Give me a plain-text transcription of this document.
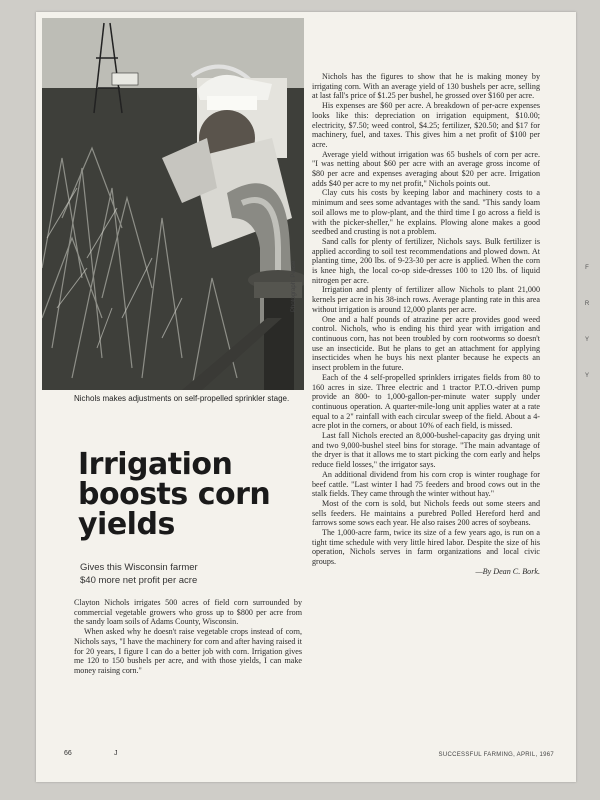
Photograph: Pease
Nichols makes adjustments on self-propelled sprinkler stage.
Irrigation
boosts corn
yields
Gives this Wisconsin farmer
$40 more net profit per acre

Clayton Nichols irrigates 500 acres of field corn surrounded by commercial vegetable growers who gross up to $800 per acre from the sandy loam soils of Adams County, Wisconsin.

When asked why he doesn't raise vegetable crops instead of corn, Nichols says, "I have the machinery for corn and after having raised it for 20 years, I figure I can do a better job with corn. Irrigation gives me 120 to 150 bushels per acre, and with those yields, I can make money raising corn."

Nichols has the figures to show that he is making money by irrigating corn. With an average yield of 130 bushels per acre, selling at last fall's price of $1.25 per bushel, he grossed over $160 per acre.

His expenses are $60 per acre. A breakdown of per-acre expenses looks like this: depreciation on irrigation equipment, $10.00; electricity, $7.50; weed control, $4.25; fertilizer, $20.50; and $17 for machinery, fuel, and taxes. This gives him a net profit of $100 per acre.

Average yield without irrigation was 65 bushels of corn per acre. "I was netting about $60 per acre with an average gross income of $80 per acre and expenses averaging about $20 per acre. Irrigation adds $40 per acre to my net profit," Nichols points out.

Clay cuts his costs by keeping labor and machinery costs to a minimum and sees some advantages with the sand. "This sandy loam soil allows me to plow-plant, and the third time I go across a field is with the picker-sheller," he explains. Plowing alone makes a good seedbed and crusting is not a problem.

Sand calls for plenty of fertilizer, Nichols says. Bulk fertilizer is applied according to soil test recommendations and plowed down. At planting time, 200 lbs. of 9-23-30 per acre is applied. When the corn is knee high, the local co-op side-dresses 100 to 120 lbs. of liquid nitrogen per acre.

Irrigation and plenty of fertilizer allow Nichols to plant 21,000 kernels per acre in his 38-inch rows. Average planting rate in this area without irrigation is around 12,000 plants per acre.

One and a half pounds of atrazine per acre provides good weed control. Nichols, who is ending his third year with irrigation and continuous corn, has not been troubled by corn rootworms so doesn't use an insecticide. But he plans to get an attachment for applying insecticides when he buys his next planter because he expects an insect problem in the future.

Each of the 4 self-propelled sprinklers irrigates fields from 80 to 160 acres in size. Three electric and 1 tractor P.T.O.-driven pump provide an 800- to 1,000-gallon-per-minute water supply under continuous operation. A quarter-mile-long unit applies water at a rate equal to a 2" rainfall with each circular sweep of the field. About a 4-acre plot in the corners, or about 10% of each field, is missed.

Last fall Nichols erected an 8,000-bushel-capacity gas drying unit and two 9,000-bushel steel bins for storage. "The main advantage of the dryer is that it allows me to start picking the corn early and helps reduce field losses," the irrigator says.

An additional dividend from his corn crop is winter roughage for beef cattle. "Last winter I had 75 feeders and brood cows out in the stalk fields. They came through the winter without hay."

Most of the corn is sold, but Nichols feeds out some steers and sells feeders. He maintains a purebred Polled Hereford herd and farrows some sows each year. He also raises 200 acres of soybeans.

The 1,000-acre farm, twice its size of a few years ago, is run on a tight time schedule with very little hired labor. Despite the size of his operation, Nichols serves in farm organizations and local civic groups.

—By Dean C. Bork.

66	J	SUCCESSFUL FARMING, APRIL, 1967
F
R
Y
Y
